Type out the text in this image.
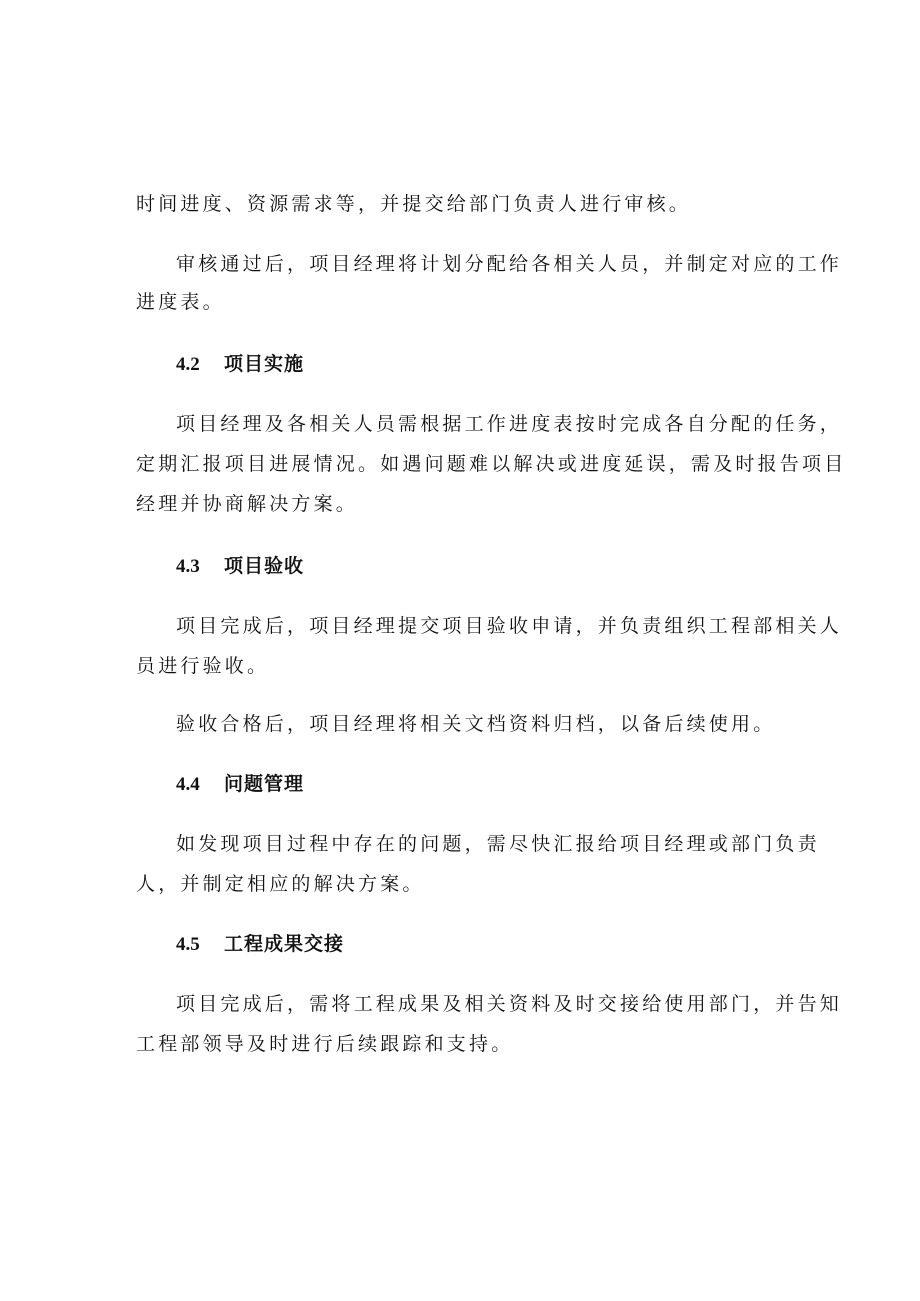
时间进度、资源需求等，并提交给部门负责人进行审核。
审核通过后，项目经理将计划分配给各相关人员，并制定对应的工作
进度表。
4.2 项目实施
项目经理及各相关人员需根据工作进度表按时完成各自分配的任务，
定期汇报项目进展情况。如遇问题难以解决或进度延误，需及时报告项目
经理并协商解决方案。
4.3 项目验收
项目完成后，项目经理提交项目验收申请，并负责组织工程部相关人
员进行验收。
验收合格后，项目经理将相关文档资料归档，以备后续使用。
4.4 问题管理
如发现项目过程中存在的问题，需尽快汇报给项目经理或部门负责
人，并制定相应的解决方案。
4.5 工程成果交接
项目完成后，需将工程成果及相关资料及时交接给使用部门，并告知
工程部领导及时进行后续跟踪和支持。
